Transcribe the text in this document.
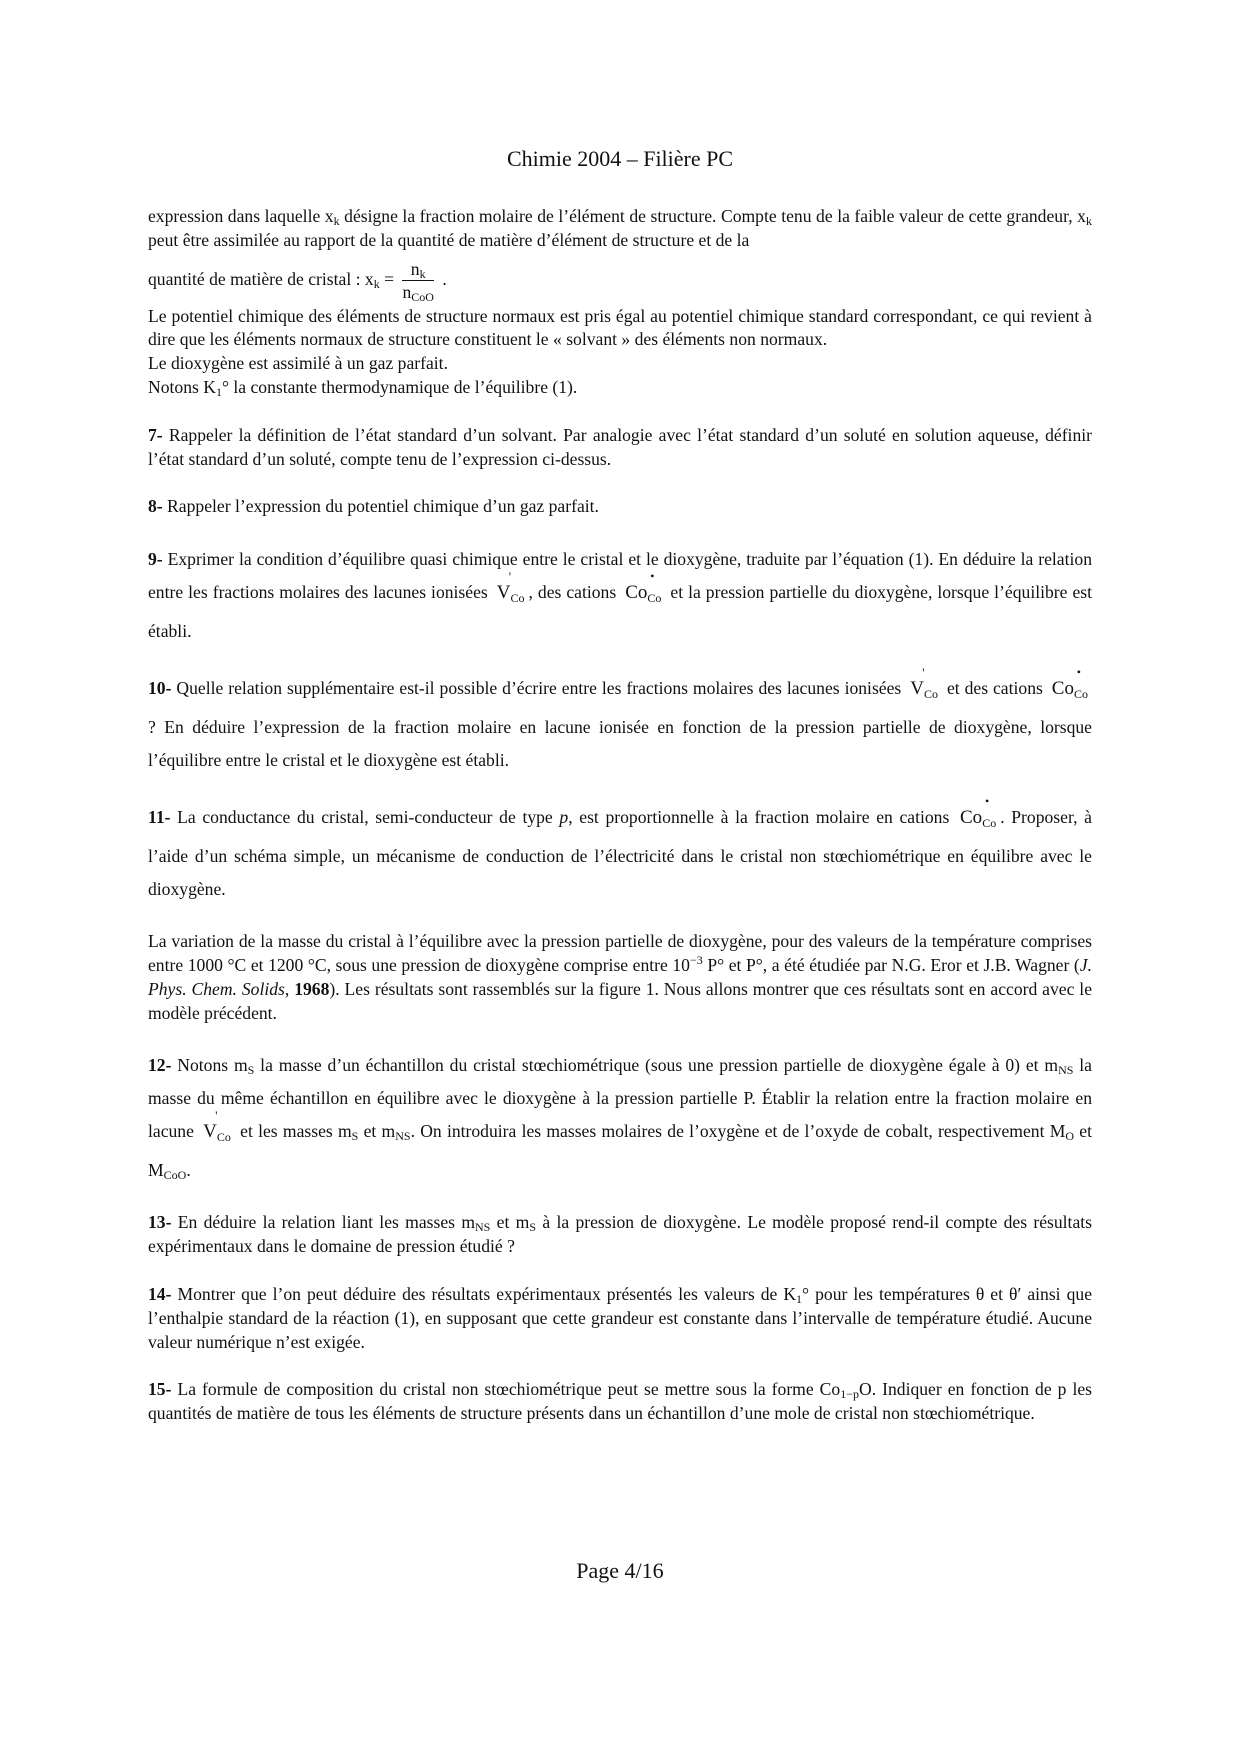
Chimie 2004 – Filière PC

expression dans laquelle $x_k$ désigne la fraction molaire de l’élément de structure. Compte tenu de la faible valeur de cette grandeur, $x_k$ peut être assimilée au rapport de la quantité de matière d’élément de structure et de la

quantité de matière de cristal : $x_k = \frac{n_k}{n_{CoO}}$ .

Le potentiel chimique des éléments de structure normaux est pris égal au potentiel chimique standard correspondant, ce qui revient à dire que les éléments normaux de structure constituent le « solvant » des éléments non normaux.

Le dioxygène est assimilé à un gaz parfait.

Notons $K_1^\circ$ la constante thermodynamique de l’équilibre (1).

7- Rappeler la définition de l’état standard d’un solvant. Par analogie avec l’état standard d’un soluté en solution aqueuse, définir l’état standard d’un soluté, compte tenu de l’expression ci-dessus.

8- Rappeler l’expression du potentiel chimique d’un gaz parfait.

9- Exprimer la condition d’équilibre quasi chimique entre le cristal et le dioxygène, traduite par l’équation (1). En déduire la relation entre les fractions molaires des lacunes ionisées V
'
$_{Co}$ , des cations Co
•
$_{Co}$ et la pression partielle du dioxygène, lorsque l’équilibre est établi.

10- Quelle relation supplémentaire est-il possible d’écrire entre les fractions molaires des lacunes ionisées V
'
$_{Co}$ et des cations Co
•
$_{Co}$ ? En déduire l’expression de la fraction molaire en lacune ionisée en fonction de la pression partielle de dioxygène, lorsque l’équilibre entre le cristal et le dioxygène est établi.

11- La conductance du cristal, semi-conducteur de type p, est proportionnelle à la fraction molaire en cations Co
•
$_{Co}$ . Proposer, à l’aide d’un schéma simple, un mécanisme de conduction de l’électricité dans le cristal non stœchiométrique en équilibre avec le dioxygène.

La variation de la masse du cristal à l’équilibre avec la pression partielle de dioxygène, pour des valeurs de la température comprises entre 1000 °C et 1200 °C, sous une pression de dioxygène comprise entre $10^{-3}$ P° et P°, a été étudiée par N.G. Eror et J.B. Wagner (J. Phys. Chem. Solids, 1968). Les résultats sont rassemblés sur la figure 1. Nous allons montrer que ces résultats sont en accord avec le modèle précédent.

12- Notons $m_S$ la masse d’un échantillon du cristal stœchiométrique (sous une pression partielle de dioxygène égale à 0) et $m_{NS}$ la masse du même échantillon en équilibre avec le dioxygène à la pression partielle P. Établir la relation entre la fraction molaire en lacune V
'
$_{Co}$ et les masses $m_S$ et $m_{NS}$. On introduira les masses molaires de l’oxygène et de l’oxyde de cobalt, respectivement $M_O$ et $M_{CoO}$.

13- En déduire la relation liant les masses $m_{NS}$ et $m_S$ à la pression de dioxygène. Le modèle proposé rend-il compte des résultats expérimentaux dans le domaine de pression étudié ?

14- Montrer que l’on peut déduire des résultats expérimentaux présentés les valeurs de $K_1^\circ$ pour les températures θ et θ′ ainsi que l’enthalpie standard de la réaction (1), en supposant que cette grandeur est constante dans l’intervalle de température étudié. Aucune valeur numérique n’est exigée.

15- La formule de composition du cristal non stœchiométrique peut se mettre sous la forme $Co_{1-p}O$. Indiquer en fonction de p les quantités de matière de tous les éléments de structure présents dans un échantillon d’une mole de cristal non stœchiométrique.

Page 4/16
